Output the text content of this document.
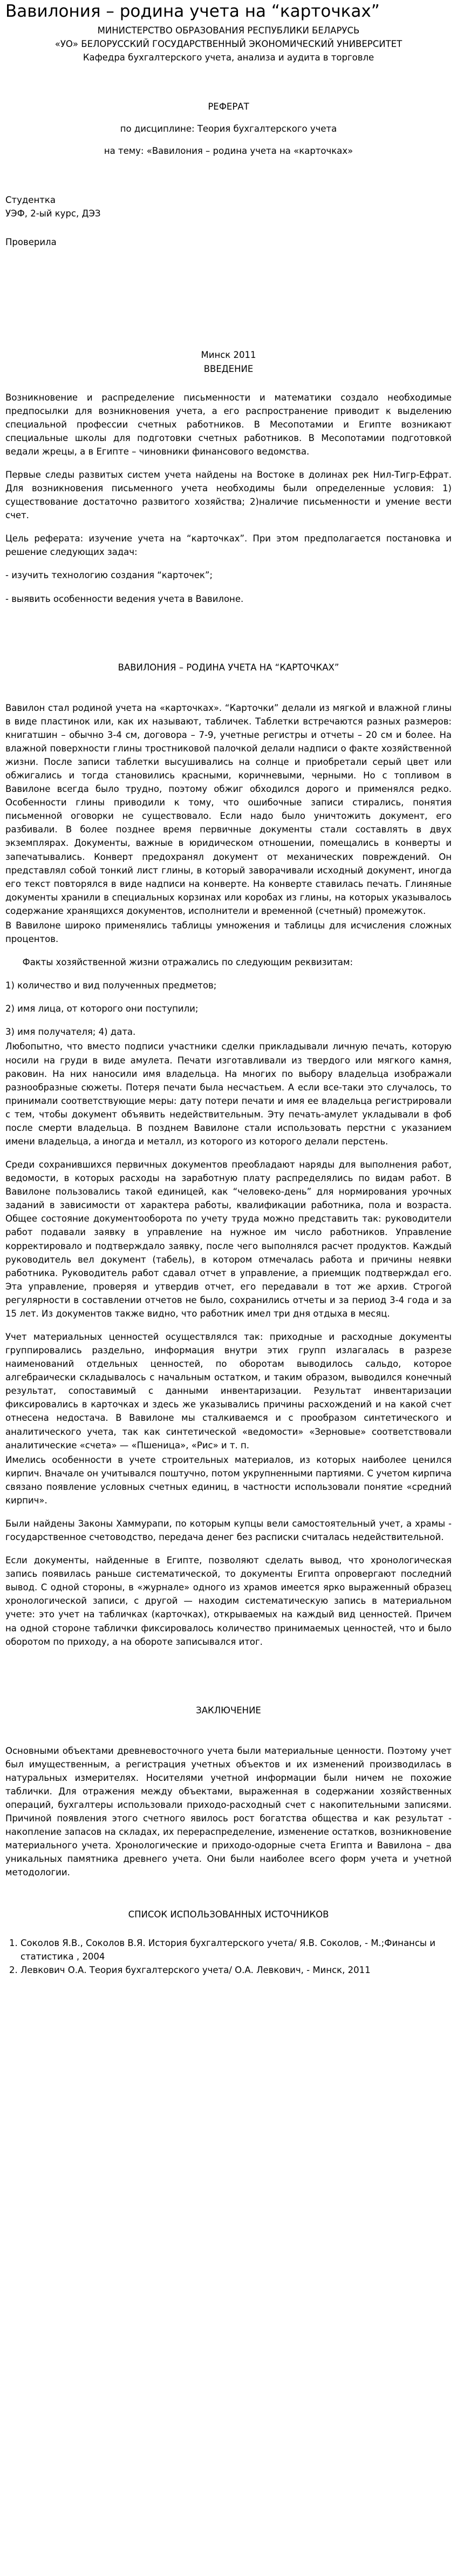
Вавилония – родина учета на “карточках”

МИНИСТЕРСТВО ОБРАЗОВАНИЯ РЕСПУБЛИКИ БЕЛАРУСЬ

«УО» БЕЛОРУССКИЙ ГОСУДАРСТВЕННЫЙ ЭКОНОМИЧЕСКИЙ УНИВЕРСИТЕТ

Кафедра бухгалтерского учета, анализа и аудита в торговле

РЕФЕРАТ

по дисциплине: Теория бухгалтерского учета

на тему: «Вавилония – родина учета на «карточках»

Студентка

УЭФ, 2-ый курс, ДЭЗ

Проверила

Минск 2011

ВВЕДЕНИЕ

Возникновение и распределение письменности и математики создало необходимые предпосылки для возникновения учета, а его распространение приводит к выделению специальной профессии счетных работников. В Месопотамии и Египте возникают специальные школы для подготовки счетных работников. В Месопотамии подготовкой ведали жрецы, а в Египте – чиновники финансового ведомства.

Первые следы развитых систем учета найдены на Востоке в долинах рек Нил-Тигр-Ефрат. Для возникновения письменного учета необходимы были определенные условия: 1) существование достаточно развитого хозяйства; 2)наличие письменности и умение вести счет.

Цель реферата: изучение учета на “карточках”. При этом предполагается постановка и решение следующих задач:

- изучить технологию создания “карточек”;

- выявить особенности ведения учета в Вавилоне.

ВАВИЛОНИЯ – РОДИНА УЧЕТА НА “КАРТОЧКАХ”

Вавилон стал родиной учета на «карточках». “Карточки” делали из мягкой и влажной глины в виде пластинок или, как их называют, табличек. Таблетки встречаются разных размеров: книгатшин – обычно 3-4 см, договора – 7-9, учетные регистры и отчеты – 20 см и более. На влажной поверхности глины тростниковой палочкой делали надписи о факте хозяйственной жизни. После записи таблетки высушивались на солнце и приобретали серый цвет или обжигались и тогда становились красными, коричневыми, черными. Но с топливом в Вавилоне всегда было трудно, поэтому обжиг обходился дорого и применялся редко. Особенности глины приводили к тому, что ошибочные записи стирались, понятия письменной оговорки не существовало. Если надо было уничтожить документ, его разбивали. В более позднее время первичные документы стали составлять в двух экземплярах. Документы, важные в юридическом отношении, помещались в конверты и запечатывались. Конверт предохранял документ от механических повреждений. Он представлял собой тонкий лист глины, в который заворачивали исходный документ, иногда его текст повторялся в виде надписи на конверте. На конверте ставилась печать. Глиняные документы хранили в специальных корзинах или коробах из глины, на которых указывалось содержание хранящихся документов, исполнители и временной (счетный) промежуток.

В Вавилоне широко применялись таблицы умножения и таблицы для исчисления сложных процентов.

Факты хозяйственной жизни отражались по следующим реквизитам:

1) количество и вид полученных предметов;

2) имя лица, от которого они поступили;

3) имя получателя; 4) дата.

Любопытно, что вместо подписи участники сделки прикладывали личную печать, которую носили на груди в виде амулета. Печати изготавливали из твердого или мягкого камня, раковин. На них наносили имя владельца. На многих по выбору владельца изображали разнообразные сюжеты. Потеря печати была несчастьем. А если все-таки это случалось, то принимали соответствующие меры: дату потери печати и имя ее владельца регистрировали с тем, чтобы документ объявить недействительным. Эту печать-амулет укладывали в фоб после смерти владельца. В позднем Вавилоне стали использовать перстни с указанием имени владельца, а иногда и металл, из которого из которого делали перстень.

Среди сохранившихся первичных документов преобладают наряды для выполнения работ, ведомости, в которых расходы на заработную плату распределялись по видам работ. В Вавилоне пользовались такой единицей, как “человеко-день” для нормирования урочных заданий в зависимости от характера работы, квалификации работника, пола и возраста. Общее состояние документооборота по учету труда можно представить так: руководители работ подавали заявку в управление на нужное им число работников. Управление корректировало и подтверждало заявку, после чего выполнялся расчет продуктов. Каждый руководитель вел документ (табель), в котором отмечалась работа и причины неявки работника. Руководитель работ сдавал отчет в управление, а приемщик подтверждал его. Эта управление, проверяя и утвердив отчет, его передавали в тот же архив. Строгой регулярности в составлении отчетов не было, сохранились отчеты и за период 3-4 года и за 15 лет. Из документов также видно, что работник имел три дня отдыха в месяц.

Учет материальных ценностей осуществлялся так: приходные и расходные документы группировались раздельно, информация внутри этих групп излагалась в разрезе наименований отдельных ценностей, по оборотам выводилось сальдо, которое алгебраически складывалось с начальным остатком, и таким образом, выводился конечный результат, сопоставимый с данными инвентаризации. Результат инвентаризации фиксировались в карточках и здесь же указывались причины расхождений и на какой счет отнесена недостача. В Вавилоне мы сталкиваемся и с прообразом синтетического и аналитического учета, так как синтетической «ведомости» «Зерновые» соответствовали аналитические «счета» — «Пшеница», «Рис» и т. п.

Имелись особенности в учете строительных материалов, из которых наиболее ценился кирпич. Вначале он учитывался поштучно, потом укрупненными партиями. С учетом кирпича связано появление условных счетных единиц, в частности использовали понятие «средний кирпич».

Были найдены Законы Хаммурапи, по которым купцы вели самостоятельный учет, а храмы - государственное счетоводство, передача денег без расписки считалась недействительной.

Если документы, найденные в Египте, позволяют сделать вывод, что хронологическая запись появилась раньше систематической, то документы Египта опровергают последний вывод. С одной стороны, в «журнале» одного из храмов имеется ярко выраженный образец хронологической записи, с другой — находим систематическую запись в материальном учете: это учет на табличках (карточках), открываемых на каждый вид ценностей. Причем на одной стороне таблички фиксировалось количество принимаемых ценностей, что и было оборотом по приходу, а на обороте записывался итог.

ЗАКЛЮЧЕНИЕ

Основными объектами древневосточного учета были материальные ценности. Поэтому учет был имущественным, а регистрация учетных объектов и их изменений производилась в натуральных измерителях. Носителями учетной информации были ничем не похожие таблички. Для отражения между объектами, выраженная в содержании хозяйственных операций, бухгалтеры использовали приходо-расходный счет с накопительными записями. Причиной появления этого счетного явилось рост богатства общества и как результат - накопление запасов на складах, их перераспределение, изменение остатков, возникновение материального учета. Хронологические и приходо-одорные счета Египта и Вавилона – два уникальных памятника древнего учета. Они были наиболее всего форм учета и учетной методологии.

СПИСОК ИСПОЛЬЗОВАННЫХ ИСТОЧНИКОВ

1. Соколов Я.В., Соколов В.Я. История бухгалтерского учета/ Я.В. Соколов, - М.;Финансы и статистика , 2004
2. Левкович О.А. Теория бухгалтерского учета/ О.А. Левкович, - Минск, 2011
